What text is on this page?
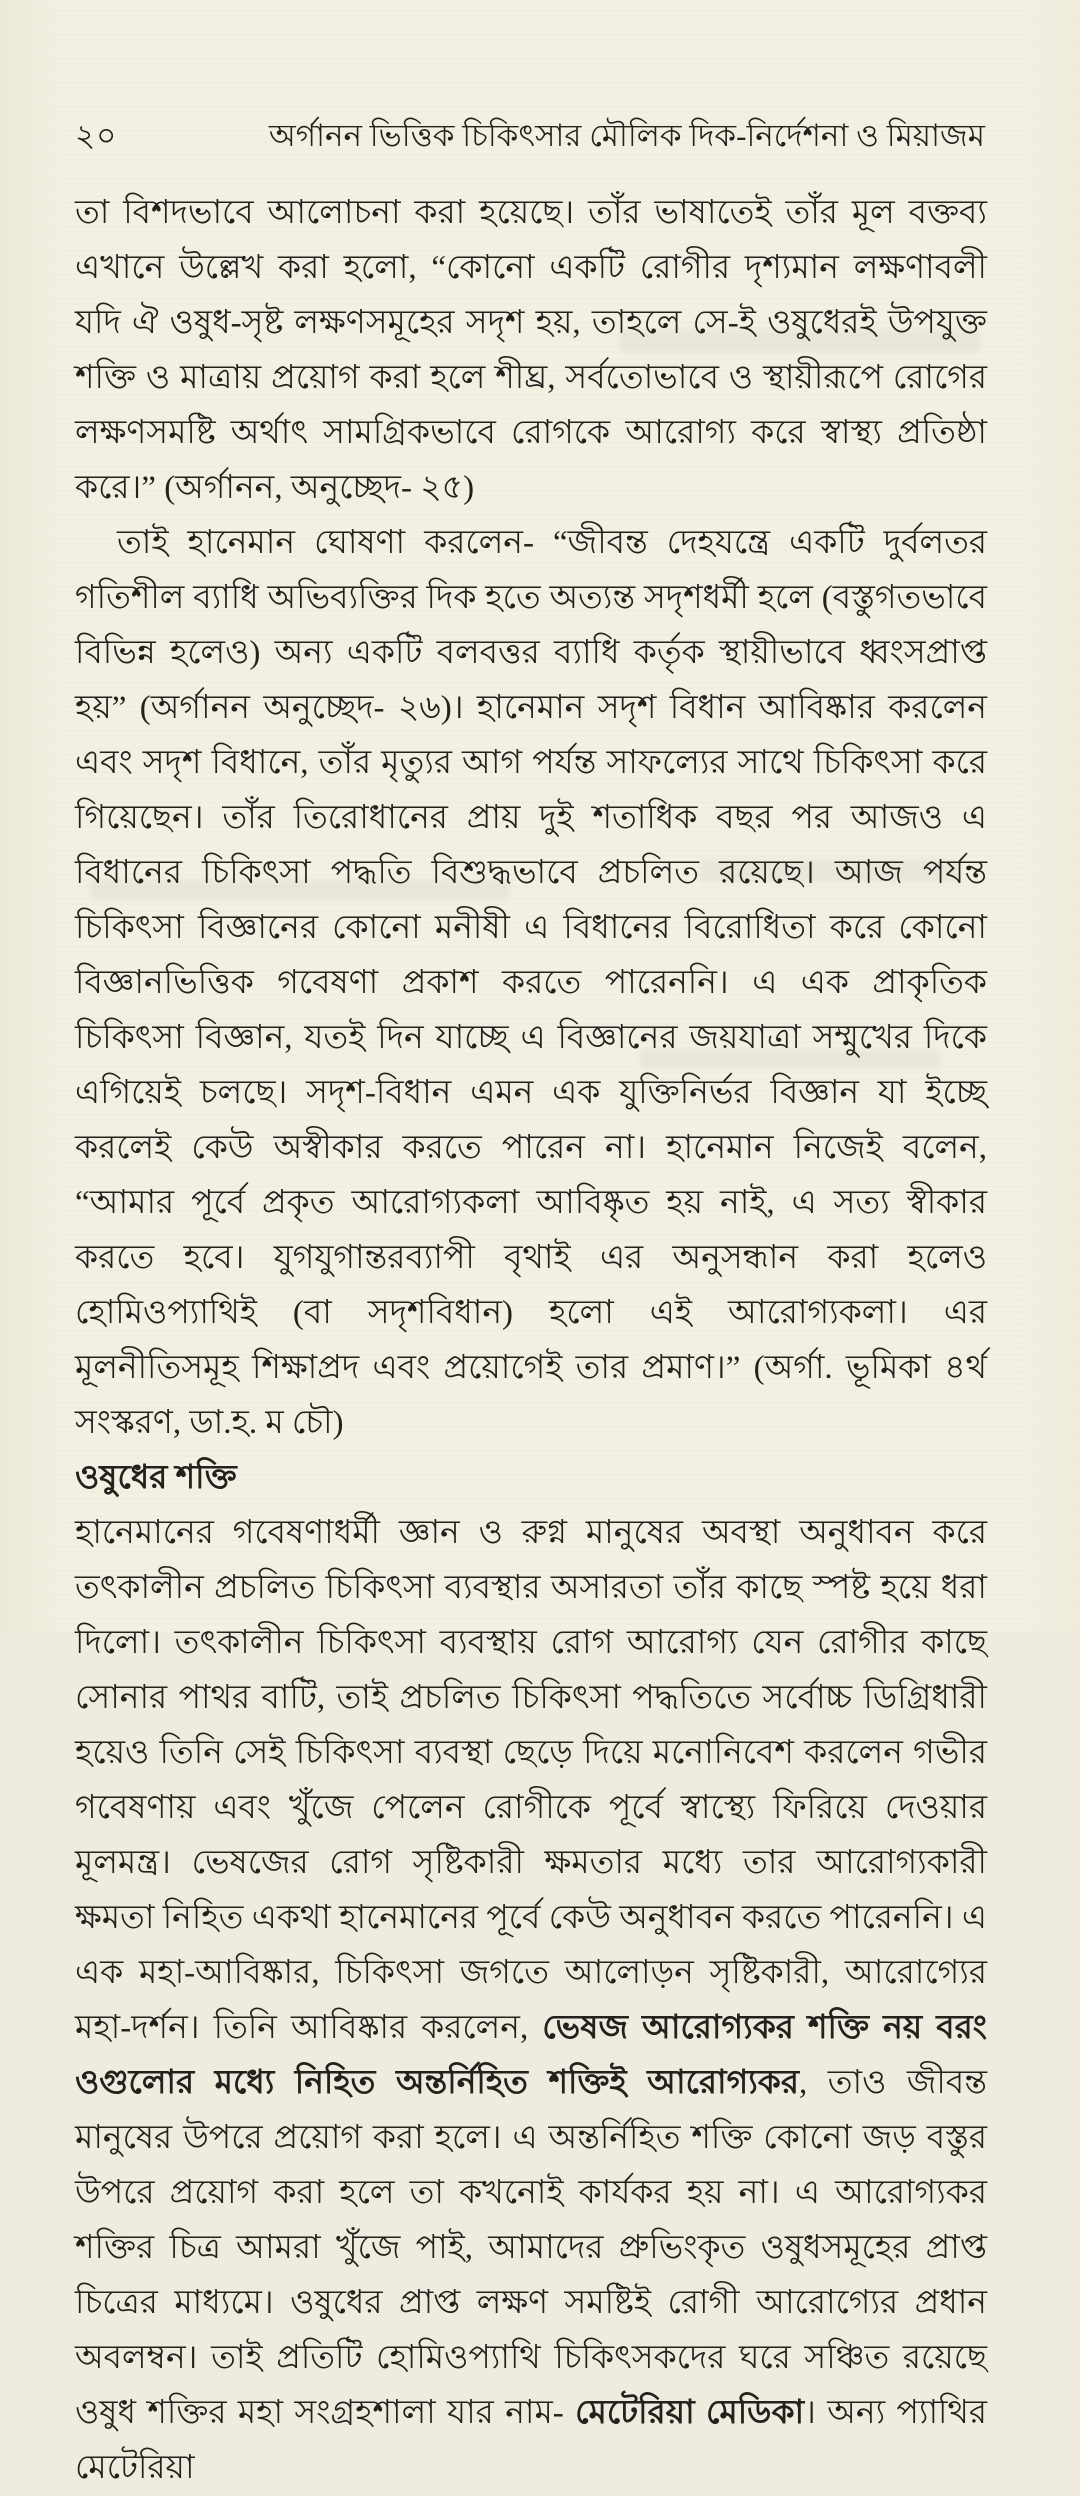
২০	অর্গানন ভিত্তিক চিকিৎসার মৌলিক দিক-নির্দেশনা ও মিয়াজম

তা বিশদভাবে আলোচনা করা হয়েছে। তাঁর ভাষাতেই তাঁর মূল বক্তব্য এখানে উল্লেখ করা হলো, “কোনো একটি রোগীর দৃশ্যমান লক্ষণাবলী যদি ঐ ওষুধ-সৃষ্ট লক্ষণসমূহের সদৃশ হয়, তাহলে সে-ই ওষুধেরই উপযুক্ত শক্তি ও মাত্রায় প্রয়োগ করা হলে শীঘ্র, সর্বতোভাবে ও স্থায়ীরূপে রোগের লক্ষণসমষ্টি অর্থাৎ সামগ্রিকভাবে রোগকে আরোগ্য করে স্বাস্থ্য প্রতিষ্ঠা করে।” (অর্গানন, অনুচ্ছেদ- ২৫)

তাই হানেমান ঘোষণা করলেন- “জীবন্ত দেহযন্ত্রে একটি দুর্বলতর গতিশীল ব্যাধি অভিব্যক্তির দিক হতে অত্যন্ত সদৃশধর্মী হলে (বস্তুগতভাবে বিভিন্ন হলেও) অন্য একটি বলবত্তর ব্যাধি কর্তৃক স্থায়ীভাবে ধ্বংসপ্রাপ্ত হয়” (অর্গানন অনুচ্ছেদ- ২৬)। হানেমান সদৃশ বিধান আবিষ্কার করলেন এবং সদৃশ বিধানে, তাঁর মৃত্যুর আগ পর্যন্ত সাফল্যের সাথে চিকিৎসা করে গিয়েছেন। তাঁর তিরোধানের প্রায় দুই শতাধিক বছর পর আজও এ বিধানের চিকিৎসা পদ্ধতি বিশুদ্ধভাবে প্রচলিত রয়েছে। আজ পর্যন্ত চিকিৎসা বিজ্ঞানের কোনো মনীষী এ বিধানের বিরোধিতা করে কোনো বিজ্ঞানভিত্তিক গবেষণা প্রকাশ করতে পারেননি। এ এক প্রাকৃতিক চিকিৎসা বিজ্ঞান, যতই দিন যাচ্ছে এ বিজ্ঞানের জয়যাত্রা সম্মুখের দিকে এগিয়েই চলছে। সদৃশ-বিধান এমন এক যুক্তিনির্ভর বিজ্ঞান যা ইচ্ছে করলেই কেউ অস্বীকার করতে পারেন না। হানেমান নিজেই বলেন, “আমার পূর্বে প্রকৃত আরোগ্যকলা আবিষ্কৃত হয় নাই, এ সত্য স্বীকার করতে হবে। যুগযুগান্তরব্যাপী বৃথাই এর অনুসন্ধান করা হলেও হোমিওপ্যাথিই (বা সদৃশবিধান) হলো এই আরোগ্যকলা। এর মূলনীতিসমূহ শিক্ষাপ্রদ এবং প্রয়োগেই তার প্রমাণ।” (অর্গা. ভূমিকা ৪র্থ সংস্করণ, ডা.হ. ম চৌ)

ওষুধের শক্তি

হানেমানের গবেষণাধর্মী জ্ঞান ও রুগ্ন মানুষের অবস্থা অনুধাবন করে তৎকালীন প্রচলিত চিকিৎসা ব্যবস্থার অসারতা তাঁর কাছে স্পষ্ট হয়ে ধরা দিলো। তৎকালীন চিকিৎসা ব্যবস্থায় রোগ আরোগ্য যেন রোগীর কাছে সোনার পাথর বাটি, তাই প্রচলিত চিকিৎসা পদ্ধতিতে সর্বোচ্চ ডিগ্রিধারী হয়েও তিনি সেই চিকিৎসা ব্যবস্থা ছেড়ে দিয়ে মনোনিবেশ করলেন গভীর গবেষণায় এবং খুঁজে পেলেন রোগীকে পূর্বে স্বাস্থ্যে ফিরিয়ে দেওয়ার মূলমন্ত্র। ভেষজের রোগ সৃষ্টিকারী ক্ষমতার মধ্যে তার আরোগ্যকারী ক্ষমতা নিহিত একথা হানেমানের পূর্বে কেউ অনুধাবন করতে পারেননি। এ এক মহা-আবিষ্কার, চিকিৎসা জগতে আলোড়ন সৃষ্টিকারী, আরোগ্যের মহা-দর্শন। তিনি আবিষ্কার করলেন, ভেষজ আরোগ্যকর শক্তি নয় বরং ওগুলোর মধ্যে নিহিত অন্তর্নিহিত শক্তিই আরোগ্যকর, তাও জীবন্ত মানুষের উপরে প্রয়োগ করা হলে। এ অন্তর্নিহিত শক্তি কোনো জড় বস্তুর উপরে প্রয়োগ করা হলে তা কখনোই কার্যকর হয় না। এ আরোগ্যকর শক্তির চিত্র আমরা খুঁজে পাই, আমাদের প্রুভিংকৃত ওষুধসমূহের প্রাপ্ত চিত্রের মাধ্যমে। ওষুধের প্রাপ্ত লক্ষণ সমষ্টিই রোগী আরোগ্যের প্রধান অবলম্বন। তাই প্রতিটি হোমিওপ্যাথি চিকিৎসকদের ঘরে সঞ্চিত রয়েছে ওষুধ শক্তির মহা সংগ্রহশালা যার নাম- মেটেরিয়া মেডিকা। অন্য প্যাথির মেটেরিয়া
